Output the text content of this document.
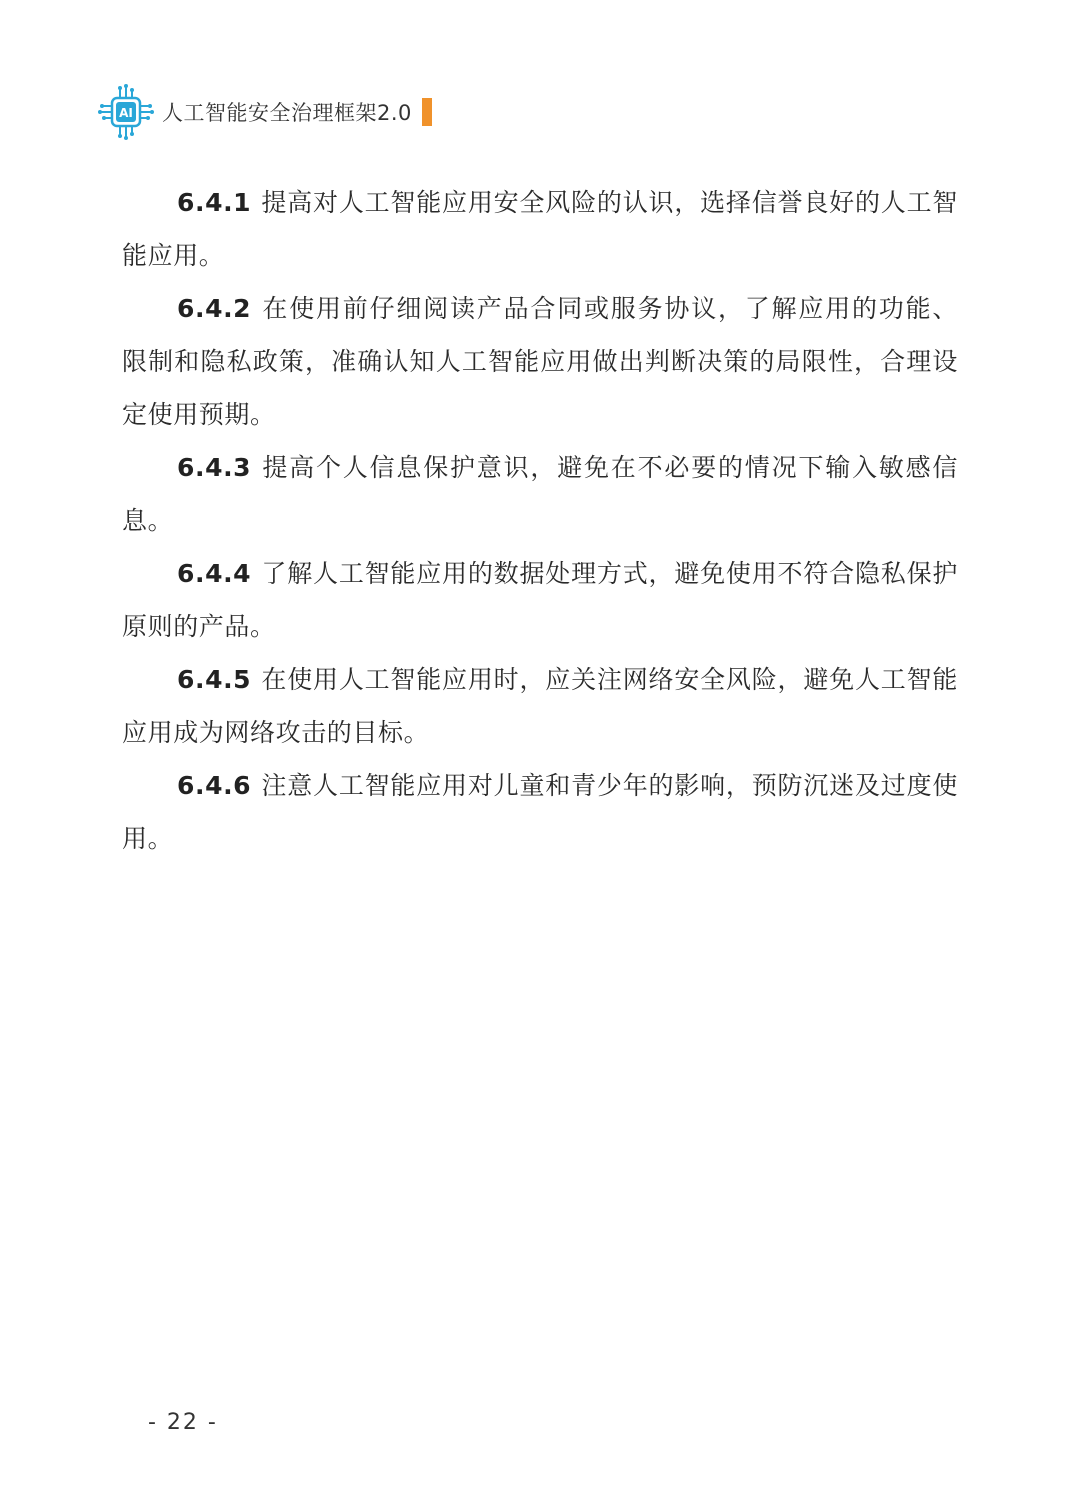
AI 人工智能安全治理框架2.0

6.4.1 提高对人工智能应用安全风险的认识，选择信誉良好的人工智能应用。

6.4.2 在使用前仔细阅读产品合同或服务协议，了解应用的功能、 限制和隐私政策，准确认知人工智能应用做出判断决策的局限性，合理设定使用预期。

6.4.3 提高个人信息保护意识，避免在不必要的情况下输入敏感信息。

6.4.4 了解人工智能应用的数据处理方式，避免使用不符合隐私保护原则的产品。

6.4.5 在使用人工智能应用时，应关注网络安全风险，避免人工智能应用成为网络攻击的目标。

6.4.6 注意人工智能应用对儿童和青少年的影响，预防沉迷及过度使用。

- 22 -
